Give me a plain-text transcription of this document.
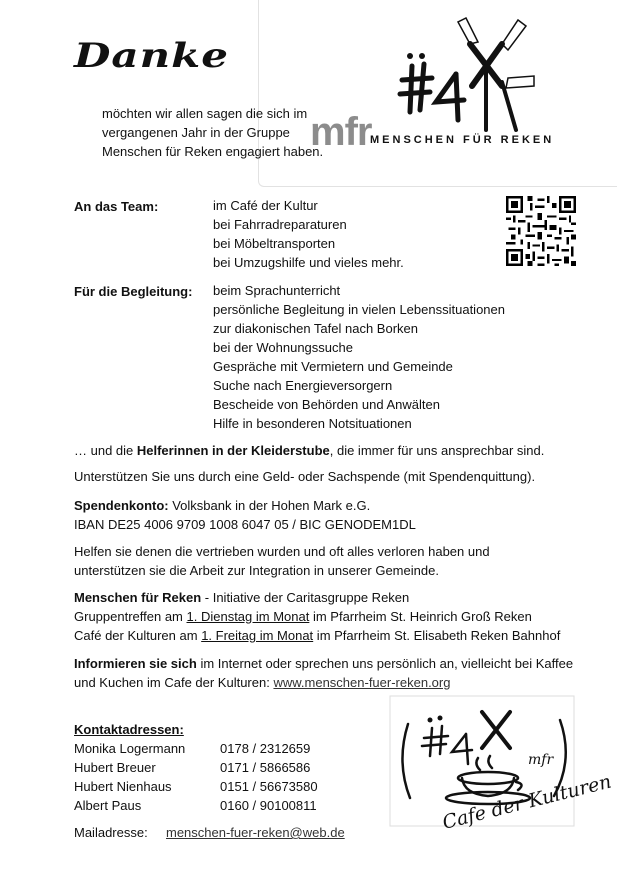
Danke
möchten wir allen sagen die sich im
vergangenen Jahr in der Gruppe
Menschen für Reken engagiert haben.
mfr
MENSCHEN FÜR REKEN
An das Team:	im Café der Kultur
bei Fahrradreparaturen
bei Möbeltransporten
bei Umzugshilfe und vieles mehr.
Für die Begleitung: beim Sprachunterricht
persönliche Begleitung in vielen Lebenssituationen
zur diakonischen Tafel nach Borken
bei der Wohnungssuche
Gespräche mit Vermietern und Gemeinde
Suche nach Energieversorgern
Bescheide von Behörden und Anwälten
Hilfe in besonderen Notsituationen
… und die Helferinnen in der Kleiderstube, die immer für uns ansprechbar sind.
Unterstützen Sie uns durch eine Geld- oder Sachspende (mit Spendenquittung).
Spendenkonto: Volksbank in der Hohen Mark e.G.
IBAN DE25 4006 9709 1008 6047 05 / BIC GENODEM1DL
Helfen sie denen die vertrieben wurden und oft alles verloren haben und
unterstützen sie die Arbeit zur Integration in unserer Gemeinde.
Menschen für Reken - Initiative der Caritasgruppe Reken
Gruppentreffen am 1. Dienstag im Monat im Pfarrheim St. Heinrich Groß Reken
Café der Kulturen am 1. Freitag im Monat im Pfarrheim St. Elisabeth Reken Bahnhof
Informieren sie sich im Internet oder sprechen uns persönlich an, vielleicht bei Kaffee
und Kuchen im Cafe der Kulturen: www.menschen-fuer-reken.org
Kontaktadressen:
Monika Logermann	0178 / 2312659
Hubert Breuer	0171 / 5866586
Hubert Nienhaus	0151 / 56673580
Albert Paus	0160 / 90100811
Mailadresse:	menschen-fuer-reken@web.de
mfr
Cafe der Kulturen
